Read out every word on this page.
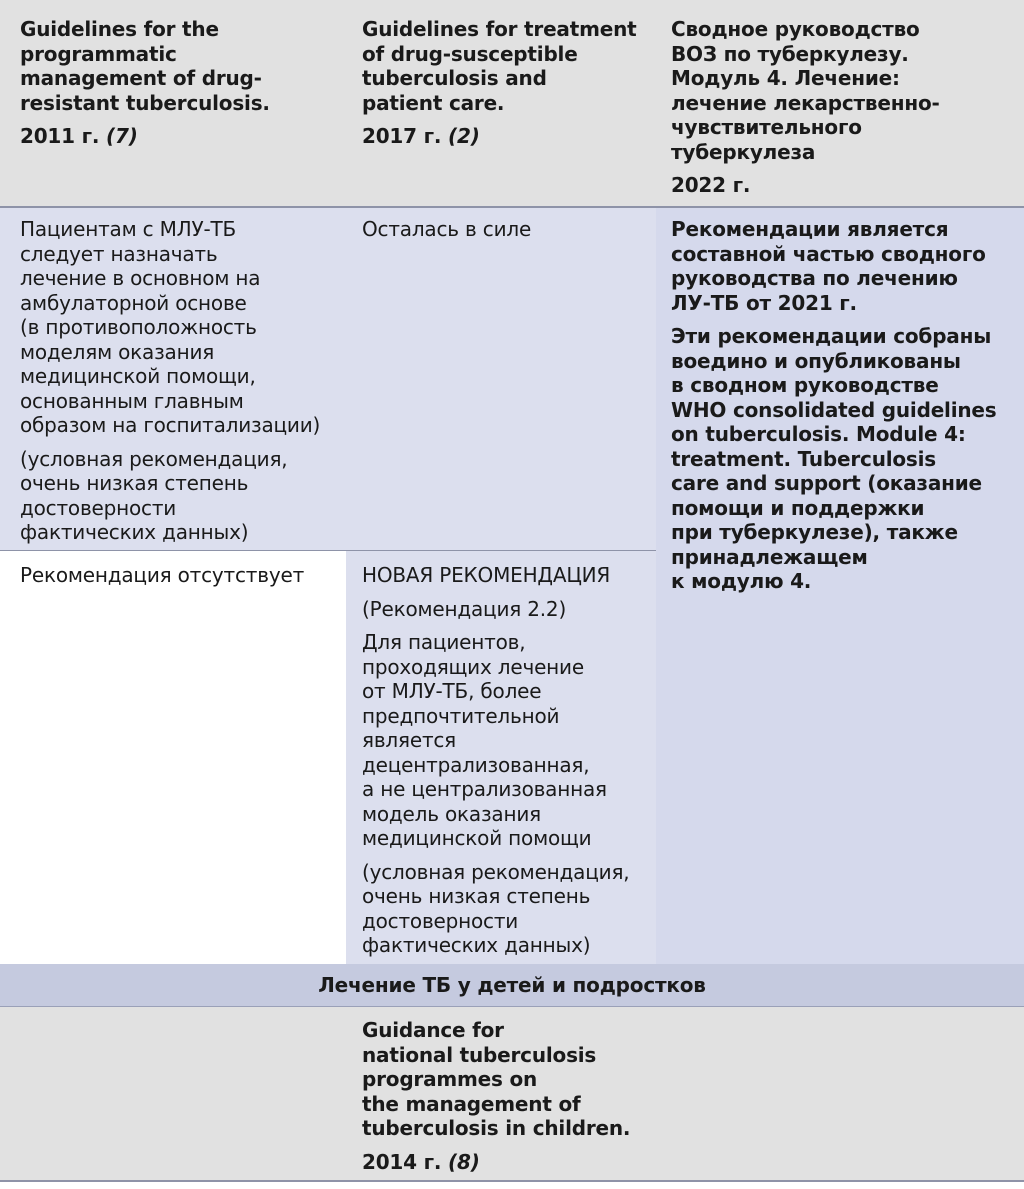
Guidelines for the
programmatic
management of drug-
resistant tuberculosis.

2011 г. (7)

Guidelines for treatment
of drug-susceptible
tuberculosis and
patient care.

2017 г. (2)

Сводное руководство
ВОЗ по туберкулезу.
Модуль 4. Лечение:
лечение лекарственно-
чувствительного
туберкулеза

2022 г.

Пациентам с МЛУ-ТБ
следует назначать
лечение в основном на
амбулаторной основе
(в противоположность
моделям оказания
медицинской помощи,
основанным главным
образом на госпитализации)

(условная рекомендация,
очень низкая степень
достоверности
фактических данных)

Осталась в силе	Рекомендации является
составной частью сводного
руководства по лечению
ЛУ-ТБ от 2021 г.

Эти рекомендации собраны
воедино и опубликованы
в сводном руководстве
WHO consolidated guidelines
on tuberculosis. Module 4:
treatment. Tuberculosis
care and support (оказание
помощи и поддержки
при туберкулезе), также
принадлежащем
к модулю 4.

Рекомендация отсутствует	НОВАЯ РЕКОМЕНДАЦИЯ

(Рекомендация 2.2)

Для пациентов,
проходящих лечение
от МЛУ-ТБ, более
предпочтительной
является
децентрализованная,
а не централизованная
модель оказания
медицинской помощи

(условная рекомендация,
очень низкая степень
достоверности
фактических данных)

Лечение ТБ у детей и подростков

Guidance for
national tuberculosis
programmes on
the management of
tuberculosis in children.

2014 г. (8)
